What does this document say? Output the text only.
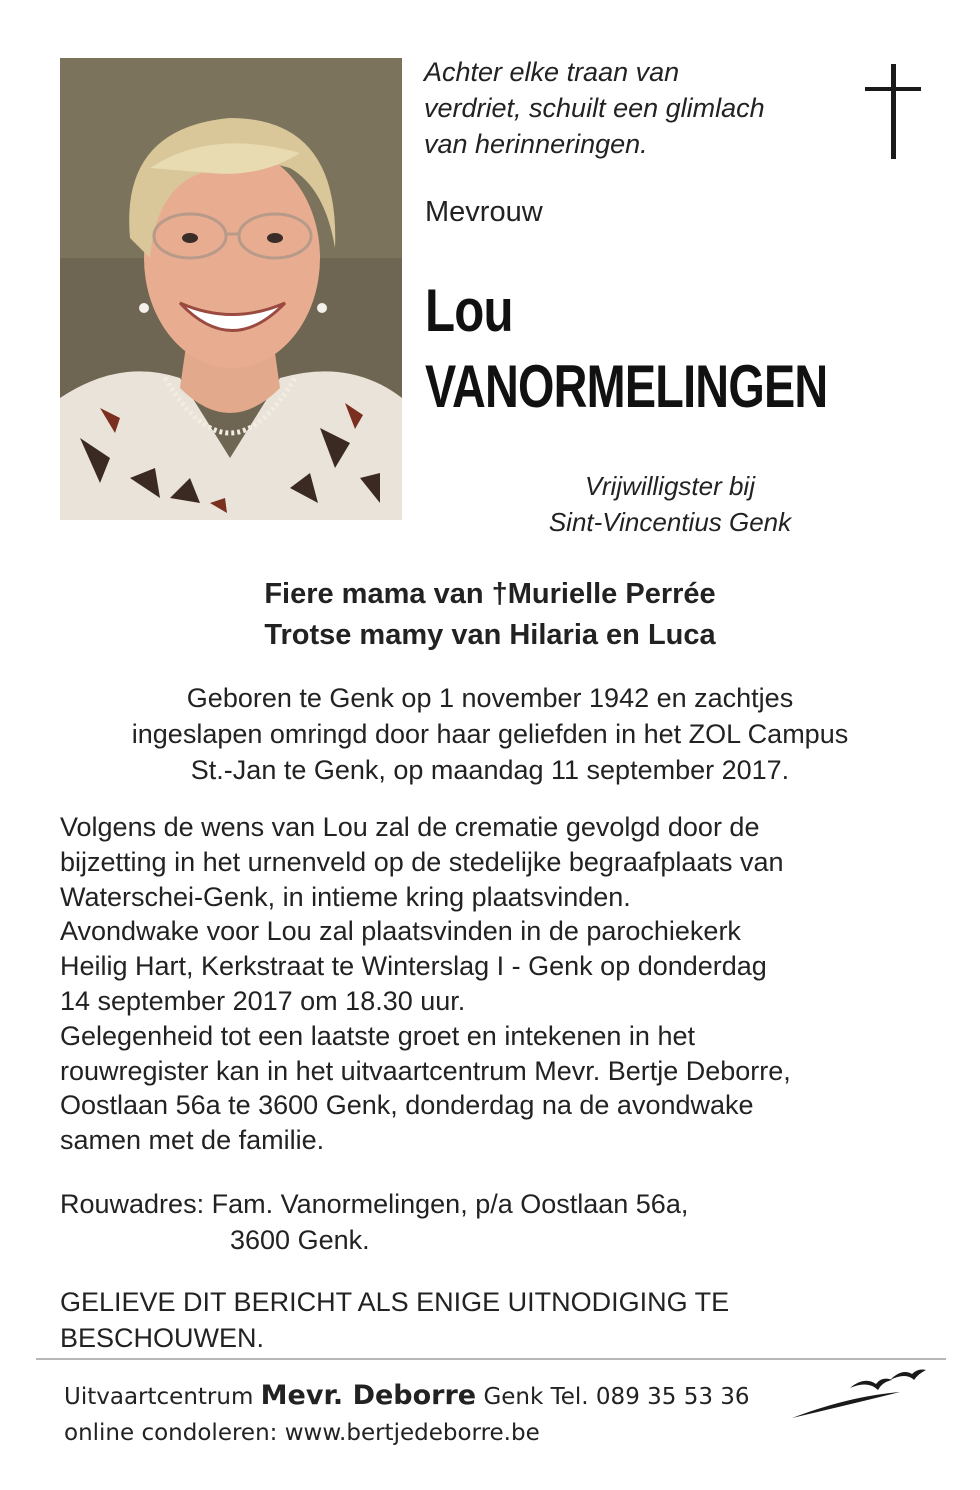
Achter elke traan van
verdriet, schuilt een glimlach
van herinneringen.
Mevrouw
Lou
VANORMELINGEN
Vrijwilligster bij
Sint-Vincentius Genk
Fiere mama van †Murielle Perrée
Trotse mamy van Hilaria en Luca
Geboren te Genk op 1 november 1942 en zachtjes
ingeslapen omringd door haar geliefden in het ZOL Campus
St.-Jan te Genk, op maandag 11 september 2017.
Volgens de wens van Lou zal de crematie gevolgd door de
bijzetting in het urnenveld op de stedelijke begraafplaats van
Waterschei-Genk, in intieme kring plaatsvinden.
Avondwake voor Lou zal plaatsvinden in de parochiekerk
Heilig Hart, Kerkstraat te Winterslag I - Genk op donderdag
14 september 2017 om 18.30 uur.
Gelegenheid tot een laatste groet en intekenen in het
rouwregister kan in het uitvaartcentrum Mevr. Bertje Deborre,
Oostlaan 56a te 3600 Genk, donderdag na de avondwake
samen met de familie.
Rouwadres: Fam. Vanormelingen, p/a Oostlaan 56a,
3600 Genk.
GELIEVE DIT BERICHT ALS ENIGE UITNODIGING TE
BESCHOUWEN.
Uitvaartcentrum Mevr. Deborre Genk Tel. 089 35 53 36
online condoleren: www.bertjedeborre.be
